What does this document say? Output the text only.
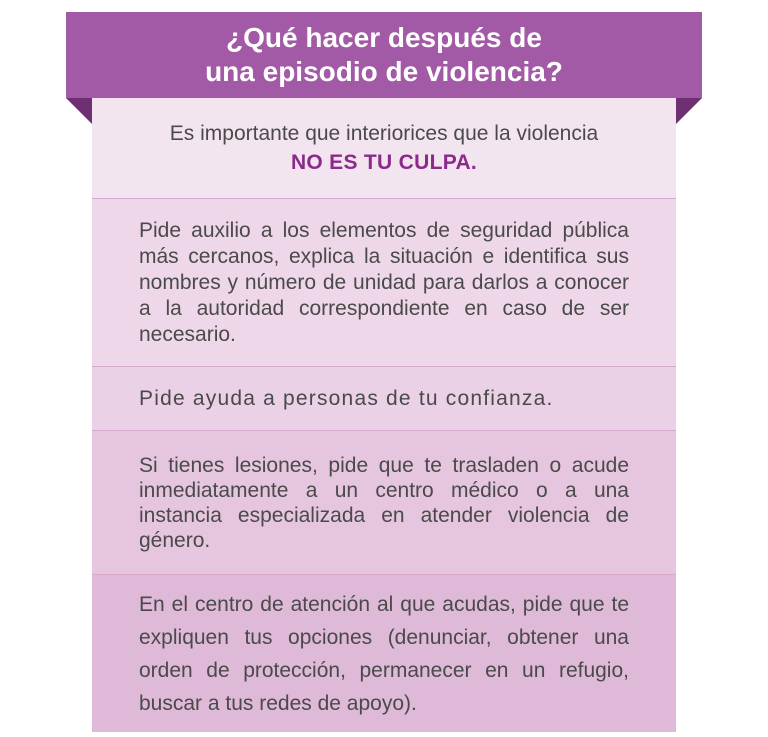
¿Qué hacer después de
una episodio de violencia?
Es importante que interiorices que la violencia
NO ES TU CULPA.
Pide auxilio a los elementos de seguridad pública más cercanos, explica la situación e identifica sus nombres y número de unidad para darlos a conocer a la autoridad correspondiente en caso de ser necesario.
Pide ayuda a personas de tu confianza.
Si tienes lesiones, pide que te trasladen o acude inmediatamente a un centro médico o a una instancia especializada en atender violencia de género.
En el centro de atención al que acudas, pide que te expliquen tus opciones (denunciar, obtener una orden de protección, permanecer en un refugio, buscar a tus redes de apoyo).
